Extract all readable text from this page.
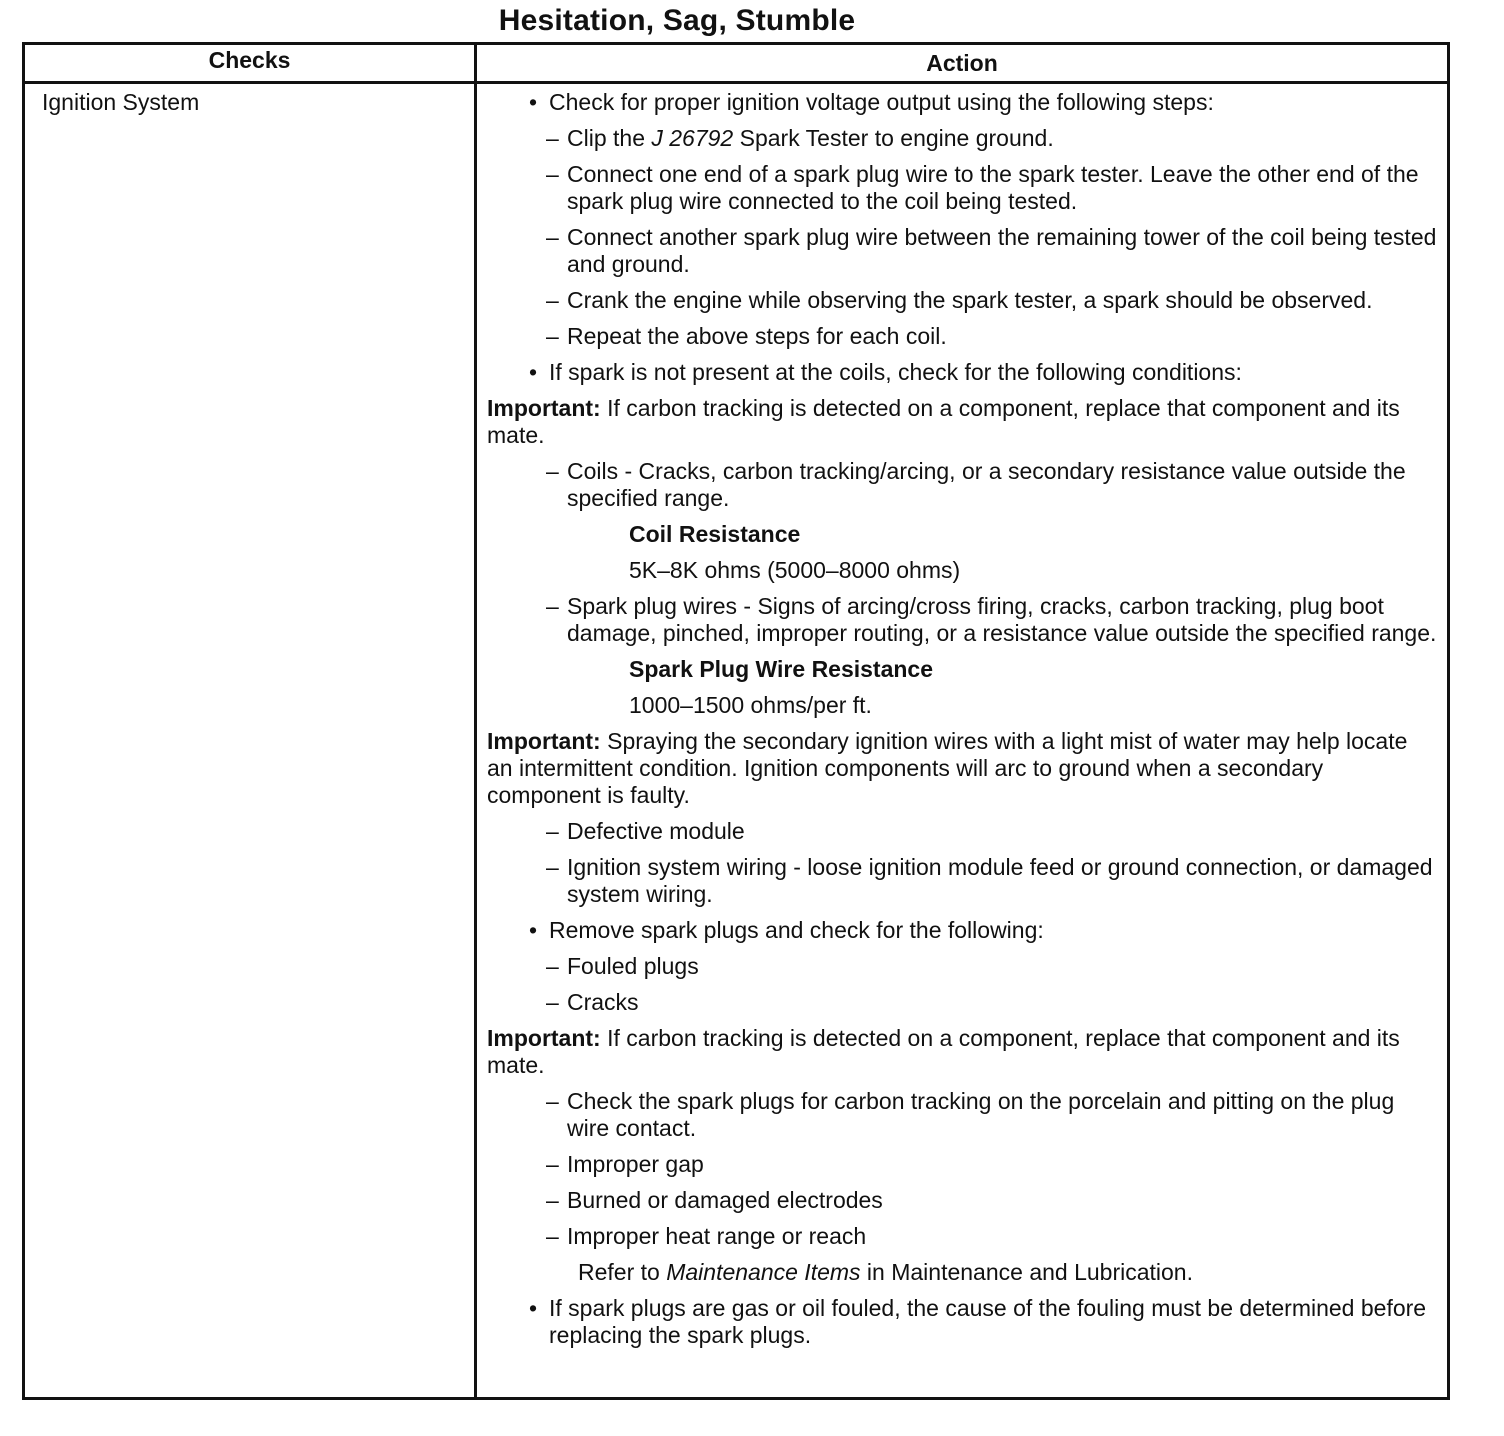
Hesitation, Sag, Stumble
Checks	Action
Ignition System	• Check for proper ignition voltage output using the following steps:
– Clip the J 26792 Spark Tester to engine ground.
– Connect one end of a spark plug wire to the spark tester. Leave the other end of the spark plug wire connected to the coil being tested.
– Connect another spark plug wire between the remaining tower of the coil being tested and ground.
– Crank the engine while observing the spark tester, a spark should be observed.
– Repeat the above steps for each coil.
• If spark is not present at the coils, check for the following conditions:
Important: If carbon tracking is detected on a component, replace that component and its mate.
– Coils - Cracks, carbon tracking/arcing, or a secondary resistance value outside the specified range.
Coil Resistance
5K–8K ohms (5000–8000 ohms)
– Spark plug wires - Signs of arcing/cross firing, cracks, carbon tracking, plug boot damage, pinched, improper routing, or a resistance value outside the specified range.
Spark Plug Wire Resistance
1000–1500 ohms/per ft.
Important: Spraying the secondary ignition wires with a light mist of water may help locate an intermittent condition. Ignition components will arc to ground when a secondary component is faulty.
– Defective module
– Ignition system wiring - loose ignition module feed or ground connection, or damaged system wiring.
• Remove spark plugs and check for the following:
– Fouled plugs
– Cracks
Important: If carbon tracking is detected on a component, replace that component and its mate.
– Check the spark plugs for carbon tracking on the porcelain and pitting on the plug wire contact.
– Improper gap
– Burned or damaged electrodes
– Improper heat range or reach
Refer to Maintenance Items in Maintenance and Lubrication.
• If spark plugs are gas or oil fouled, the cause of the fouling must be determined before replacing the spark plugs.
